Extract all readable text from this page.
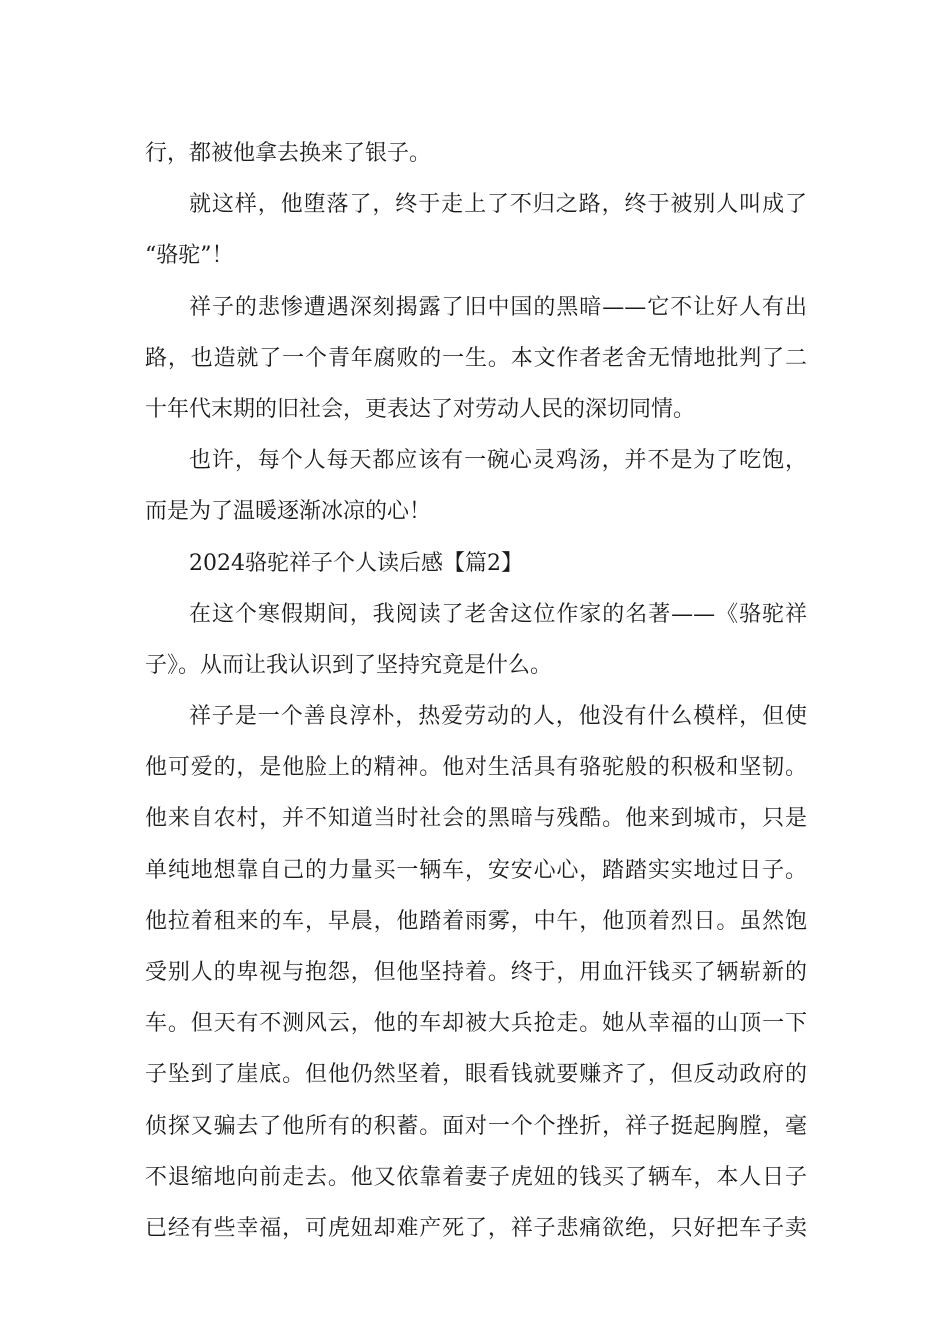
行，都被他拿去换来了银子。
就这样，他堕落了，终于走上了不归之路，终于被别人叫成了
“骆驼”！
祥子的悲惨遭遇深刻揭露了旧中国的黑暗——它不让好人有出
路，也造就了一个青年腐败的一生。本文作者老舍无情地批判了二
十年代末期的旧社会，更表达了对劳动人民的深切同情。
也许，每个人每天都应该有一碗心灵鸡汤，并不是为了吃饱，
而是为了温暖逐渐冰凉的心！
2024骆驼祥子个人读后感【篇2】
在这个寒假期间，我阅读了老舍这位作家的名著——《骆驼祥
子》。从而让我认识到了坚持究竟是什么。
祥子是一个善良淳朴，热爱劳动的人，他没有什么模样，但使
他可爱的，是他脸上的精神。他对生活具有骆驼般的积极和坚韧。
他来自农村，并不知道当时社会的黑暗与残酷。他来到城市，只是
单纯地想靠自己的力量买一辆车，安安心心，踏踏实实地过日子。
他拉着租来的车，早晨，他踏着雨雾，中午，他顶着烈日。虽然饱
受别人的卑视与抱怨，但他坚持着。终于，用血汗钱买了辆崭新的
车。但天有不测风云，他的车却被大兵抢走。她从幸福的山顶一下
子坠到了崖底。但他仍然坚着，眼看钱就要赚齐了，但反动政府的
侦探又骗去了他所有的积蓄。面对一个个挫折，祥子挺起胸膛，毫
不退缩地向前走去。他又依靠着妻子虎妞的钱买了辆车，本人日子
已经有些幸福，可虎妞却难产死了，祥子悲痛欲绝，只好把车子卖
